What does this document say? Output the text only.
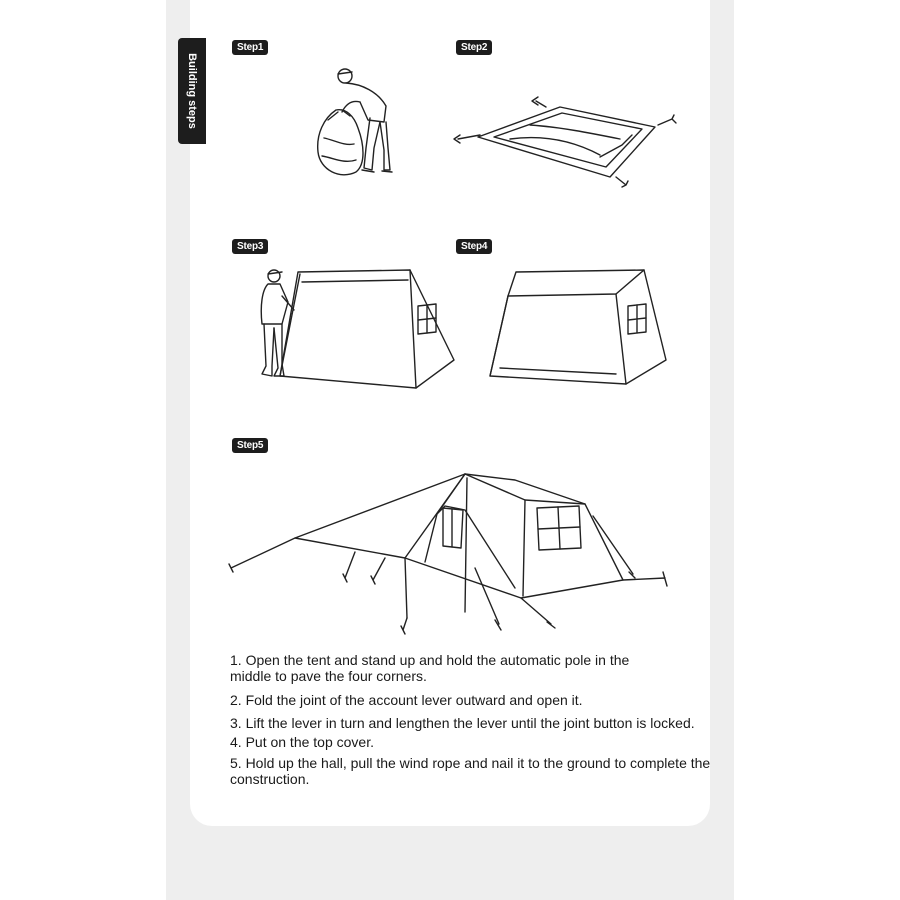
Building steps
Step1	Step2
Step3	Step4
Step5

1. Open the tent and stand up and hold the automatic pole in the middle to pave the four corners.

2. Fold the joint of the account lever outward and open it.

3. Lift the lever in turn and lengthen the lever until the joint button is locked.

4. Put on the top cover.

5. Hold up the hall, pull the wind rope and nail it to the ground to complete the construction.
